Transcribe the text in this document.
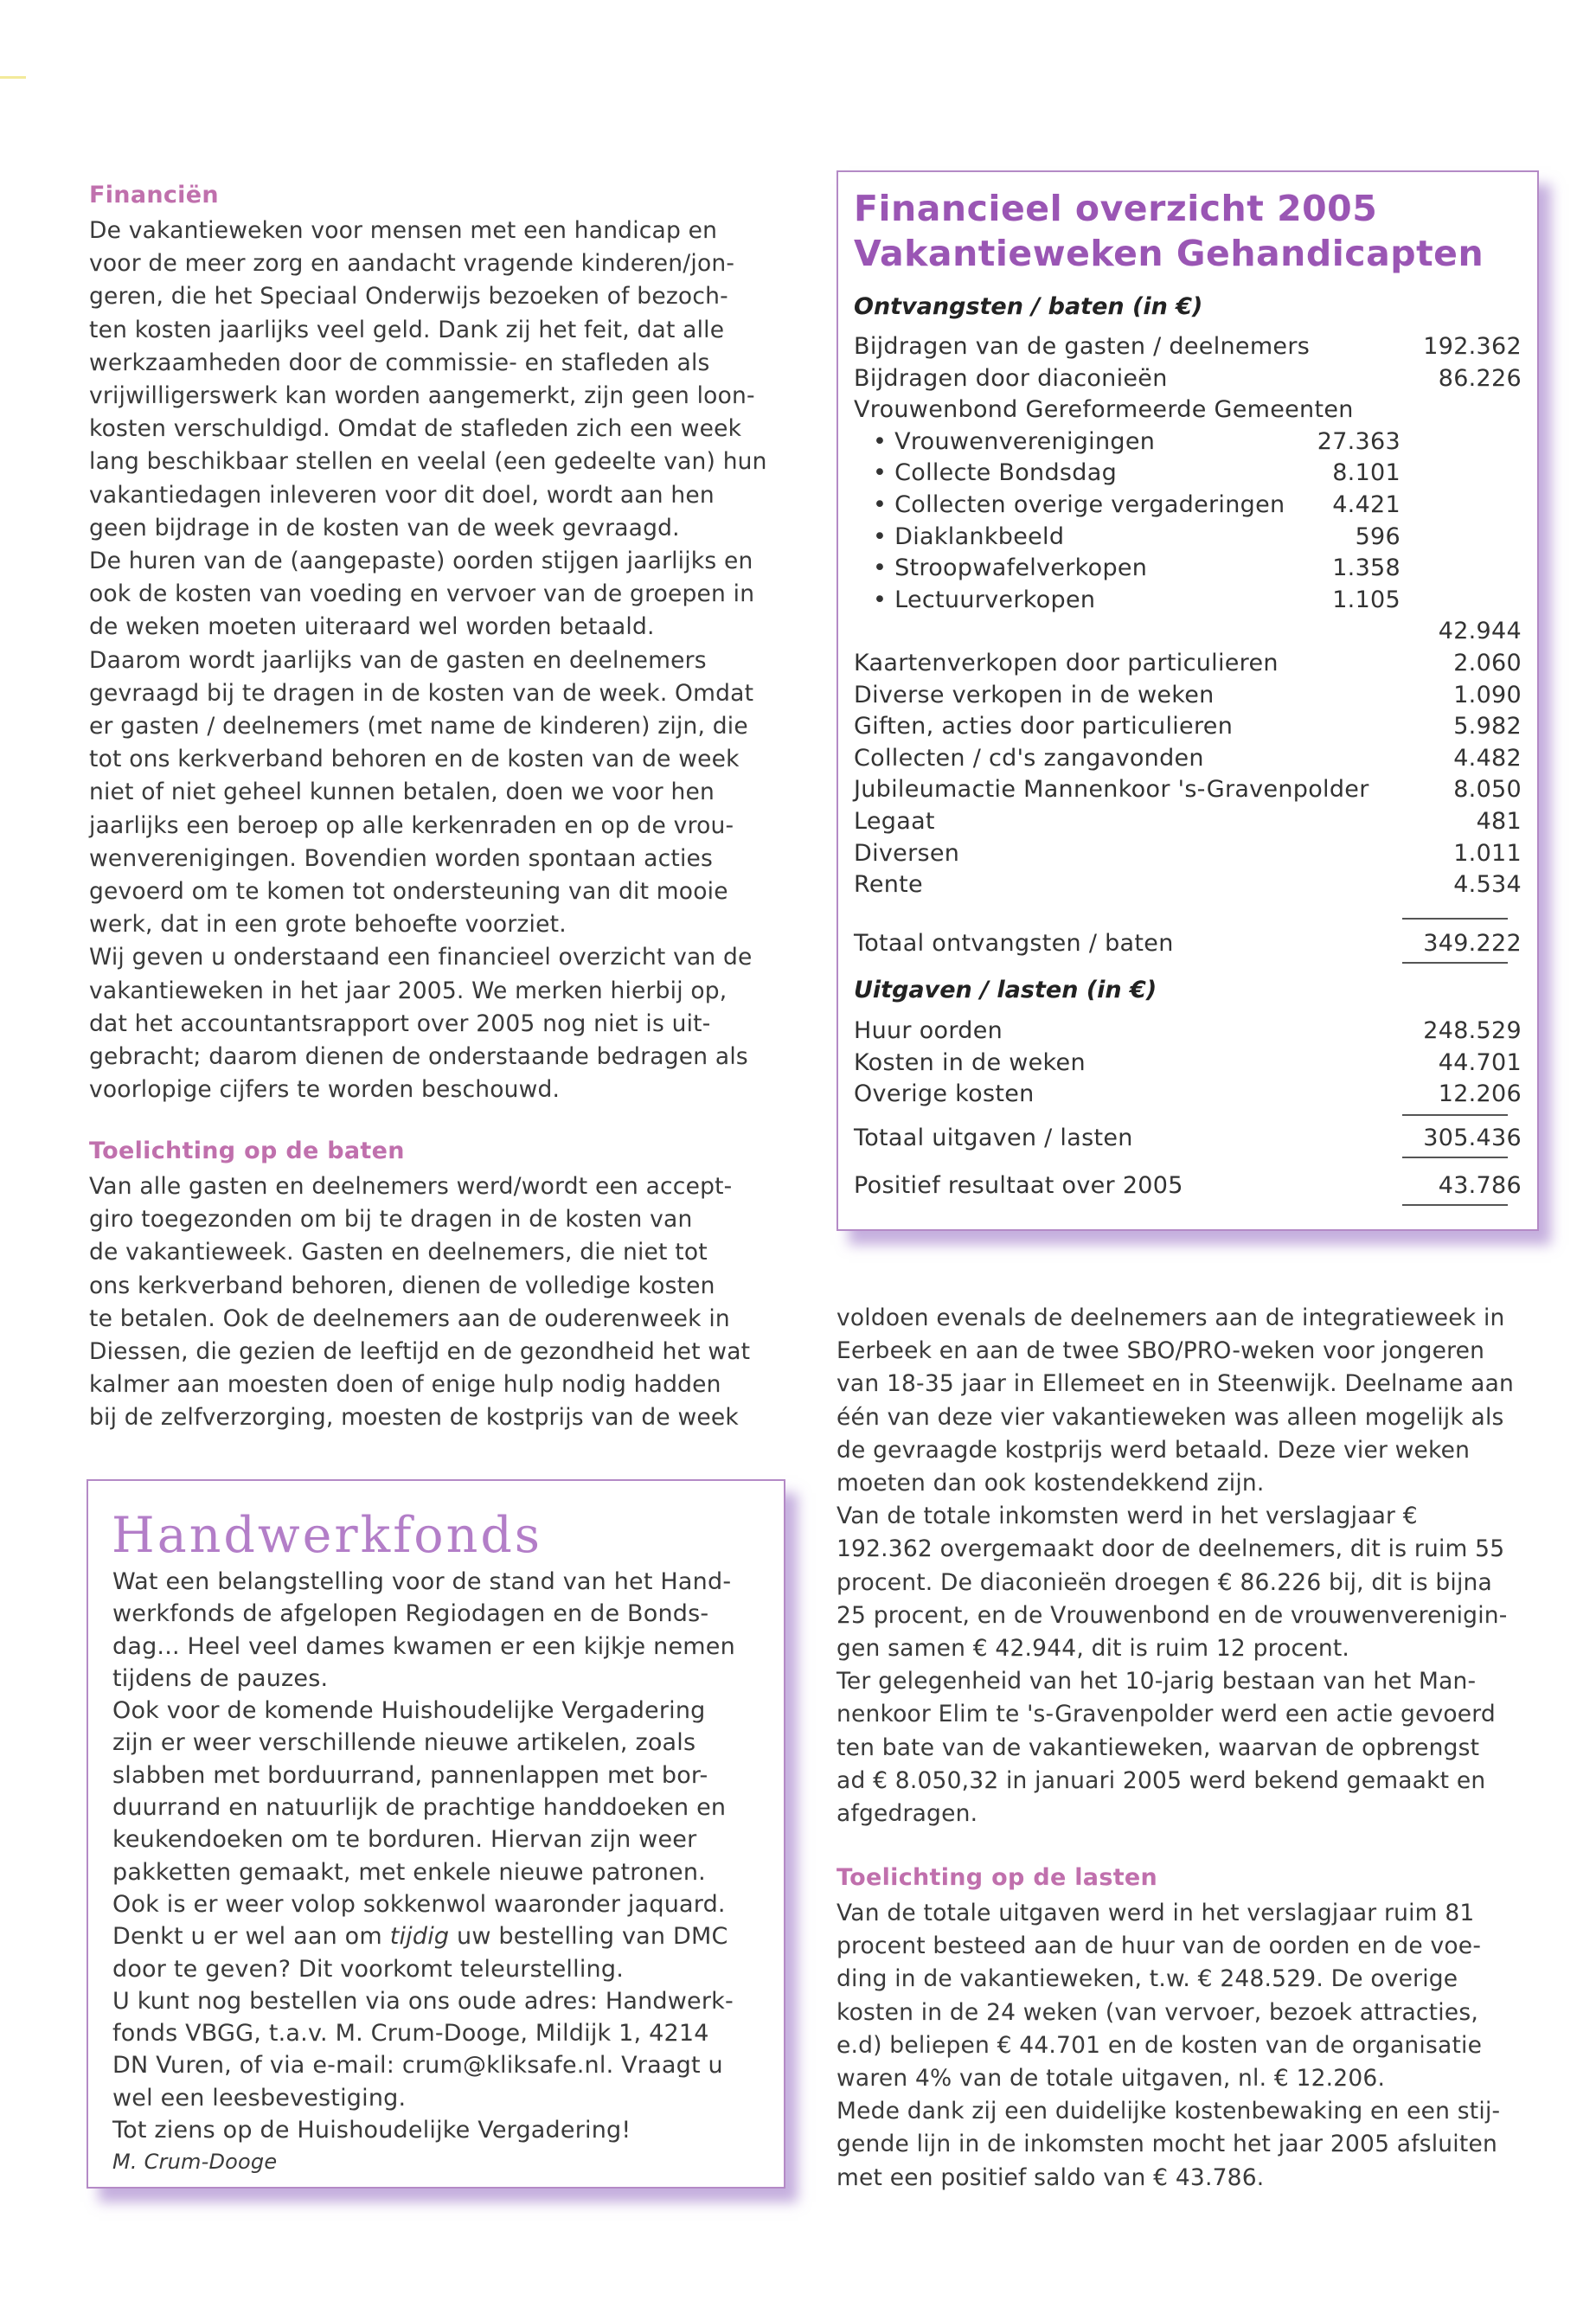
Financiën
De vakantieweken voor mensen met een handicap en
voor de meer zorg en aandacht vragende kinderen/jon-
geren, die het Speciaal Onderwijs bezoeken of bezoch-
ten kosten jaarlijks veel geld. Dank zij het feit, dat alle
werkzaamheden door de commissie- en stafleden als
vrijwilligerswerk kan worden aangemerkt, zijn geen loon-
kosten verschuldigd. Omdat de stafleden zich een week
lang beschikbaar stellen en veelal (een gedeelte van) hun
vakantiedagen inleveren voor dit doel, wordt aan hen
geen bijdrage in de kosten van de week gevraagd.
De huren van de (aangepaste) oorden stijgen jaarlijks en
ook de kosten van voeding en vervoer van de groepen in
de weken moeten uiteraard wel worden betaald.
Daarom wordt jaarlijks van de gasten en deelnemers
gevraagd bij te dragen in de kosten van de week. Omdat
er gasten / deelnemers (met name de kinderen) zijn, die
tot ons kerkverband behoren en de kosten van de week
niet of niet geheel kunnen betalen, doen we voor hen
jaarlijks een beroep op alle kerkenraden en op de vrou-
wenverenigingen. Bovendien worden spontaan acties
gevoerd om te komen tot ondersteuning van dit mooie
werk, dat in een grote behoefte voorziet.
Wij geven u onderstaand een financieel overzicht van de
vakantieweken in het jaar 2005. We merken hierbij op,
dat het accountantsrapport over 2005 nog niet is uit-
gebracht; daarom dienen de onderstaande bedragen als
voorlopige cijfers te worden beschouwd.
Toelichting op de baten
Van alle gasten en deelnemers werd/wordt een accept-
giro toegezonden om bij te dragen in de kosten van
de vakantieweek. Gasten en deelnemers, die niet tot
ons kerkverband behoren, dienen de volledige kosten
te betalen. Ook de deelnemers aan de ouderenweek in
Diessen, die gezien de leeftijd en de gezondheid het wat
kalmer aan moesten doen of enige hulp nodig hadden
bij de zelfverzorging, moesten de kostprijs van de week
Financieel overzicht 2005
Vakantieweken Gehandicapten
Ontvangsten / baten (in €)
Bijdragen van de gasten / deelnemers	192.362
Bijdragen door diaconieën	86.226
Vrouwenbond Gereformeerde Gemeenten
• Vrouwenverenigingen	27.363
• Collecte Bondsdag	8.101
• Collecten overige vergaderingen 4.421
• Diaklankbeeld	596
• Stroopwafelverkopen	1.358
• Lectuurverkopen	1.105
42.944
Kaartenverkopen door particulieren	2.060
Diverse verkopen in de weken	1.090
Giften, acties door particulieren	5.982
Collecten / cd's zangavonden	4.482
Jubileumactie Mannenkoor 's-Gravenpolder	8.050
Legaat	481
Diversen	1.011
Rente	4.534
Totaal ontvangsten / baten	349.222
Uitgaven / lasten (in €)
Huur oorden	248.529
Kosten in de weken	44.701
Overige kosten	12.206
Totaal uitgaven / lasten	305.436
Positief resultaat over 2005	43.786
voldoen evenals de deelnemers aan de integratieweek in
Eerbeek en aan de twee SBO/PRO-weken voor jongeren
van 18-35 jaar in Ellemeet en in Steenwijk. Deelname aan
één van deze vier vakantieweken was alleen mogelijk als
de gevraagde kostprijs werd betaald. Deze vier weken
moeten dan ook kostendekkend zijn.
Van de totale inkomsten werd in het verslagjaar €
192.362 overgemaakt door de deelnemers, dit is ruim 55
procent. De diaconieën droegen € 86.226 bij, dit is bijna
25 procent, en de Vrouwenbond en de vrouwenverenigin-
gen samen € 42.944, dit is ruim 12 procent.
Ter gelegenheid van het 10-jarig bestaan van het Man-
nenkoor Elim te 's-Gravenpolder werd een actie gevoerd
ten bate van de vakantieweken, waarvan de opbrengst
ad € 8.050,32 in januari 2005 werd bekend gemaakt en
afgedragen.
Toelichting op de lasten
Van de totale uitgaven werd in het verslagjaar ruim 81
procent besteed aan de huur van de oorden en de voe-
ding in de vakantieweken, t.w. € 248.529. De overige
kosten in de 24 weken (van vervoer, bezoek attracties,
e.d) beliepen € 44.701 en de kosten van de organisatie
waren 4% van de totale uitgaven, nl. € 12.206.
Mede dank zij een duidelijke kostenbewaking en een stij-
gende lijn in de inkomsten mocht het jaar 2005 afsluiten
met een positief saldo van € 43.786.
Handwerkfonds
Wat een belangstelling voor de stand van het Hand-
werkfonds de afgelopen Regiodagen en de Bonds-
dag... Heel veel dames kwamen er een kijkje nemen
tijdens de pauzes.
Ook voor de komende Huishoudelijke Vergadering
zijn er weer verschillende nieuwe artikelen, zoals
slabben met borduurrand, pannenlappen met bor-
duurrand en natuurlijk de prachtige handdoeken en
keukendoeken om te borduren. Hiervan zijn weer
pakketten gemaakt, met enkele nieuwe patronen.
Ook is er weer volop sokkenwol waaronder jaquard.
Denkt u er wel aan om tijdig uw bestelling van DMC
door te geven? Dit voorkomt teleurstelling.
U kunt nog bestellen via ons oude adres: Handwerk-
fonds VBGG, t.a.v. M. Crum-Dooge, Mildijk 1, 4214
DN Vuren, of via e-mail: crum@kliksafe.nl. Vraagt u
wel een leesbevestiging.
Tot ziens op de Huishoudelijke Vergadering!
M. Crum-Dooge
